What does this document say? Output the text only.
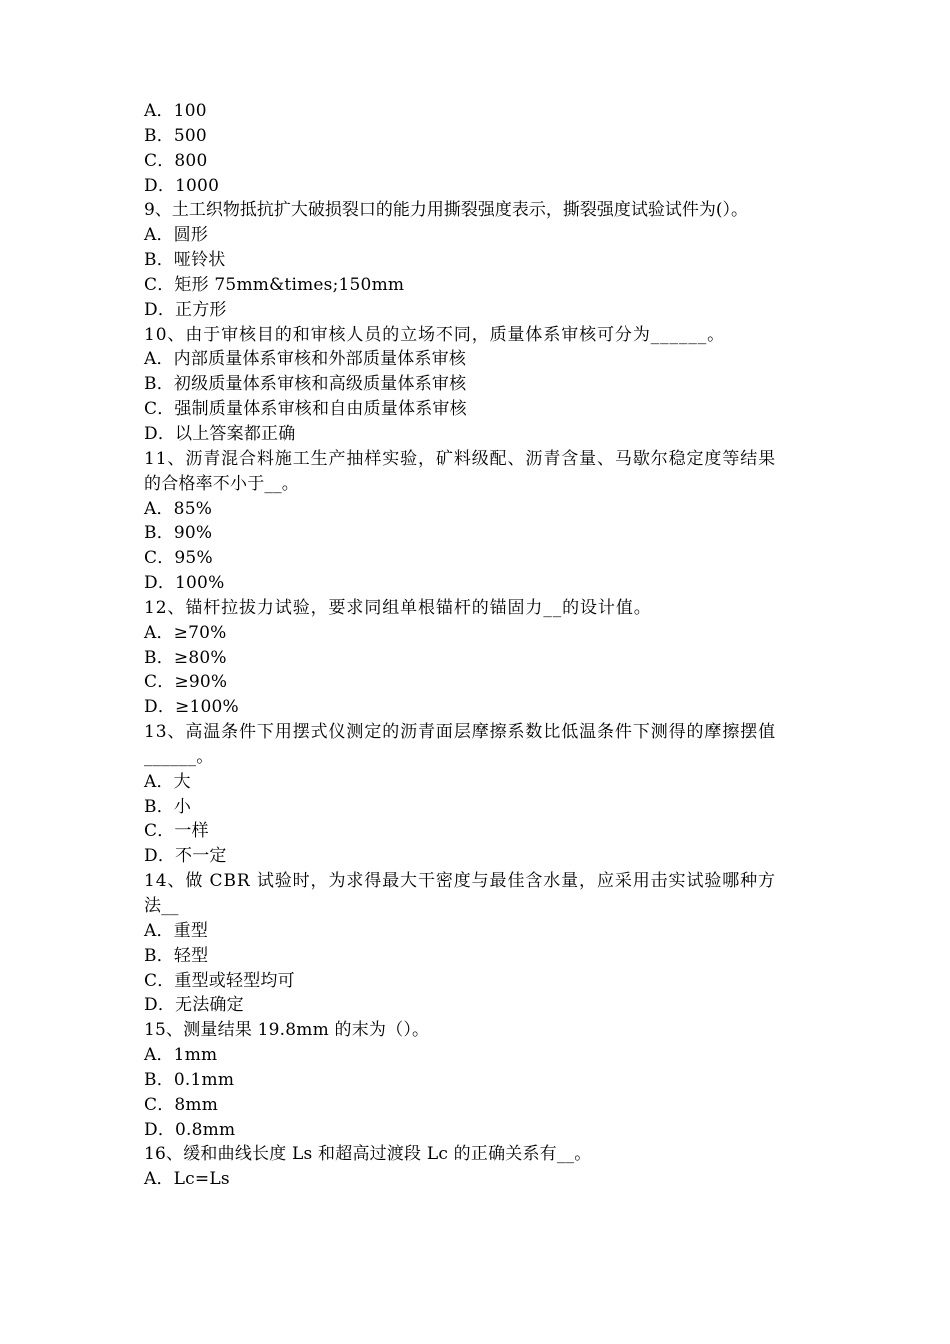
A．100
B．500
C．800
D．1000
9、土工织物抵抗扩大破损裂口的能力用撕裂强度表示，撕裂强度试验试件为(）。
A．圆形
B．哑铃状
C．矩形 75mm&times;150mm
D．正方形
10、由于审核目的和审核人员的立场不同，质量体系审核可分为______。
A．内部质量体系审核和外部质量体系审核
B．初级质量体系审核和高级质量体系审核
C．强制质量体系审核和自由质量体系审核
D．以上答案都正确
11、沥青混合料施工生产抽样实验，矿料级配、沥青含量、马歇尔稳定度等结果
的合格率不小于__。
A．85%
B．90%
C．95%
D．100%
12、锚杆拉拔力试验，要求同组单根锚杆的锚固力__的设计值。
A．≥70%
B．≥80%
C．≥90%
D．≥100%
13、高温条件下用摆式仪测定的沥青面层摩擦系数比低温条件下测得的摩擦摆值
______。
A．大
B．小
C．一样
D．不一定
14、做 CBR 试验时，为求得最大干密度与最佳含水量，应采用击实试验哪种方
法__
A．重型
B．轻型
C．重型或轻型均可
D．无法确定
15、测量结果 19.8mm 的末为（）。
A．1mm
B．0.1mm
C．8mm
D．0.8mm
16、缓和曲线长度 Ls 和超高过渡段 Lc 的正确关系有__。
A．Lc=Ls
